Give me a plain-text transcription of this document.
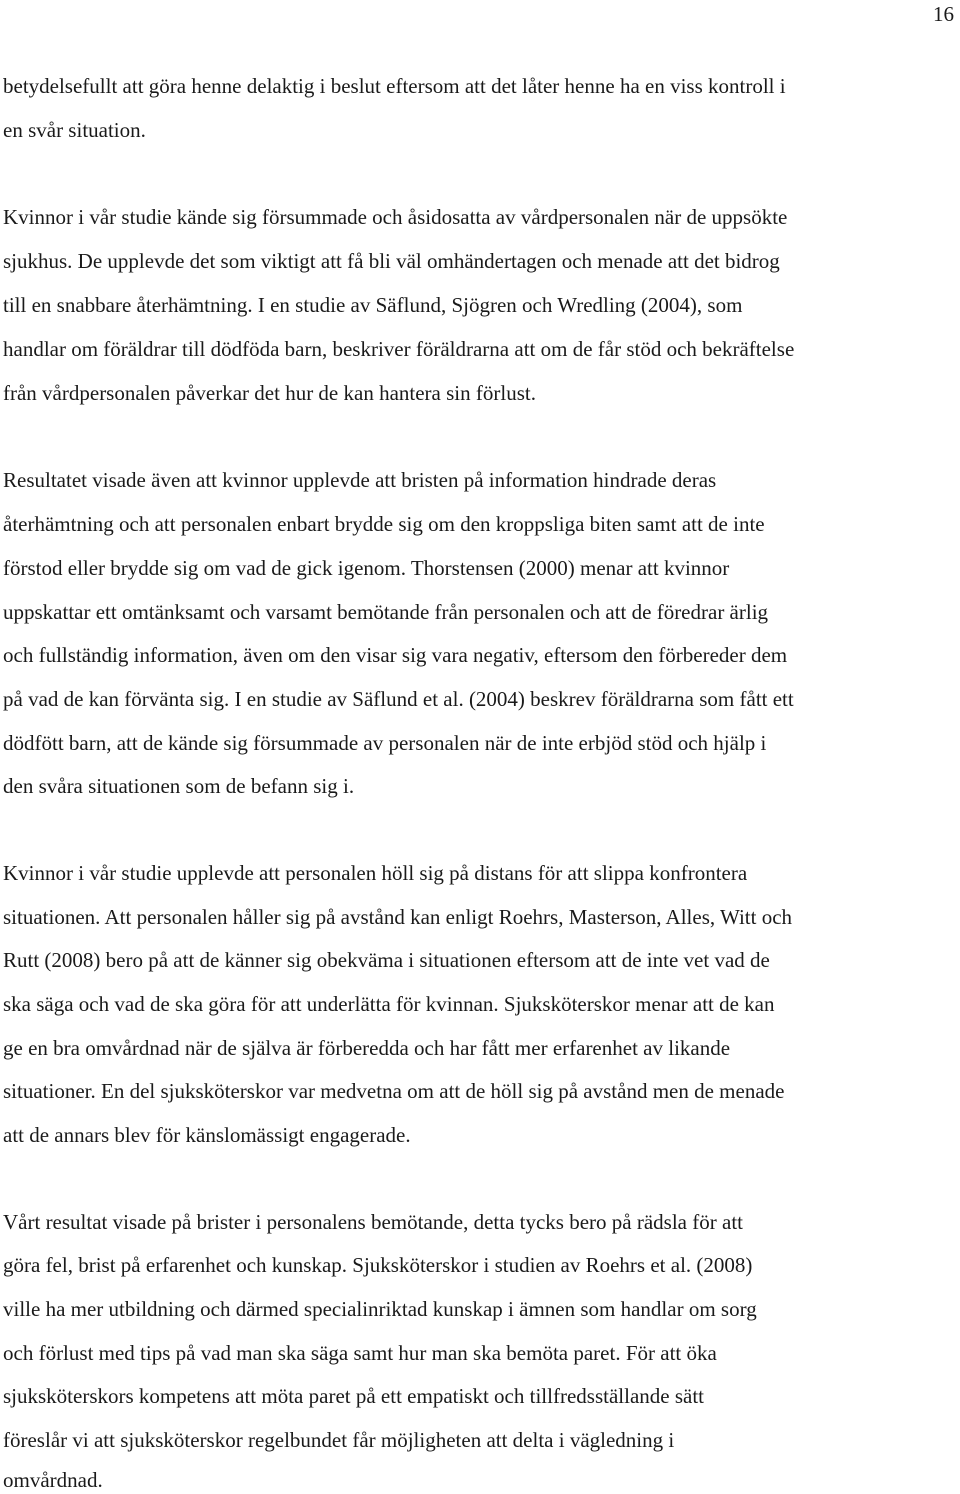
16
betydelsefullt att göra henne delaktig i beslut eftersom att det låter henne ha en viss kontroll i
en svår situation.
Kvinnor i vår studie kände sig försummade och åsidosatta av vårdpersonalen när de uppsökte
sjukhus. De upplevde det som viktigt att få bli väl omhändertagen och menade att det bidrog
till en snabbare återhämtning. I en studie av Säflund, Sjögren och Wredling (2004), som
handlar om föräldrar till dödföda barn, beskriver föräldrarna att om de får stöd och bekräftelse
från vårdpersonalen påverkar det hur de kan hantera sin förlust.
Resultatet visade även att kvinnor upplevde att bristen på information hindrade deras
återhämtning och att personalen enbart brydde sig om den kroppsliga biten samt att de inte
förstod eller brydde sig om vad de gick igenom. Thorstensen (2000) menar att kvinnor
uppskattar ett omtänksamt och varsamt bemötande från personalen och att de föredrar ärlig
och fullständig information, även om den visar sig vara negativ, eftersom den förbereder dem
på vad de kan förvänta sig. I en studie av Säflund et al. (2004) beskrev föräldrarna som fått ett
dödfött barn, att de kände sig försummade av personalen när de inte erbjöd stöd och hjälp i
den svåra situationen som de befann sig i.
Kvinnor i vår studie upplevde att personalen höll sig på distans för att slippa konfrontera
situationen. Att personalen håller sig på avstånd kan enligt Roehrs, Masterson, Alles, Witt och
Rutt (2008) bero på att de känner sig obekväma i situationen eftersom att de inte vet vad de
ska säga och vad de ska göra för att underlätta för kvinnan. Sjuksköterskor menar att de kan
ge en bra omvårdnad när de själva är förberedda och har fått mer erfarenhet av likande
situationer. En del sjuksköterskor var medvetna om att de höll sig på avstånd men de menade
att de annars blev för känslomässigt engagerade.
Vårt resultat visade på brister i personalens bemötande, detta tycks bero på rädsla för att
göra fel, brist på erfarenhet och kunskap. Sjuksköterskor i studien av Roehrs et al. (2008)
ville ha mer utbildning och därmed specialinriktad kunskap i ämnen som handlar om sorg
och förlust med tips på vad man ska säga samt hur man ska bemöta paret. För att öka
sjuksköterskors kompetens att möta paret på ett empatiskt och tillfredsställande sätt
föreslår vi att sjuksköterskor regelbundet får möjligheten att delta i vägledning i
omvårdnad.
